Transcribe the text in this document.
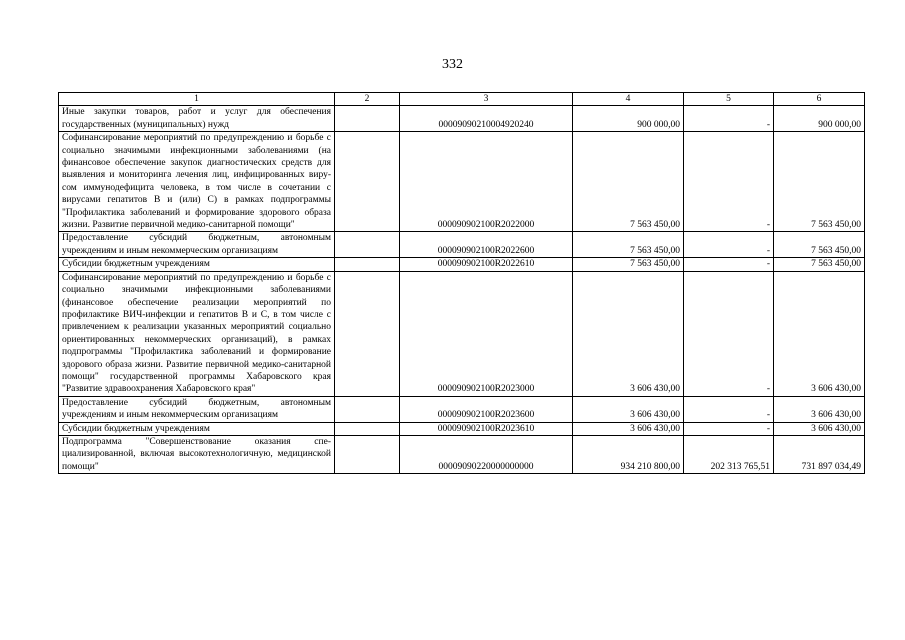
332
1	2	3	4	5	6
Иные закупки товаров, работ и услуг для обеспечения государственных (муниципальных) нужд		00009090210004920240	900 000,00	-	900 000,00
Софинансирование мероприятий по предупреждению и борьбе с социально значимыми инфекционными заболеваниями (на финансовое обеспечение закупок диагностических средств для выявления и мониторинга лечения лиц, инфицированных вирусом иммунодефицита человека, в том числе в сочетании с вирусами гепатитов В и (или) С) в рамках подпрограммы "Профилактика заболеваний и формирование здорового образа жизни. Развитие первичной медико-санитарной помощи"		000090902100R2022000	7 563 450,00	-	7 563 450,00
Предоставление субсидий бюджетным, автономным учреждениям и иным некоммерческим организациям		000090902100R2022600	7 563 450,00	-	7 563 450,00
Субсидии бюджетным учреждениям		000090902100R2022610	7 563 450,00	-	7 563 450,00
Софинансирование мероприятий по предупреждению и борьбе с социально значимыми инфекционными заболеваниями (финансовое обеспечение реализации мероприятий по профилактике ВИЧ-инфекции и гепатитов В и С, в том числе с привлечением к реализации указанных мероприятий социально ориентированных некоммерческих организаций), в рамках подпрограммы "Профилактика заболеваний и формирование здорового образа жизни. Развитие первичной медико-санитарной помощи" государственной программы Хабаровского края "Развитие здравоохранения Хабаровского края"		000090902100R2023000	3 606 430,00	-	3 606 430,00
Предоставление субсидий бюджетным, автономным учреждениям и иным некоммерческим организациям		000090902100R2023600	3 606 430,00	-	3 606 430,00
Субсидии бюджетным учреждениям		000090902100R2023610	3 606 430,00	-	3 606 430,00
Подпрограмма "Совершенствование оказания специализированной, включая высокотехнологичную, медицинской помощи"		00009090220000000000	934 210 800,00	202 313 765,51	731 897 034,49
